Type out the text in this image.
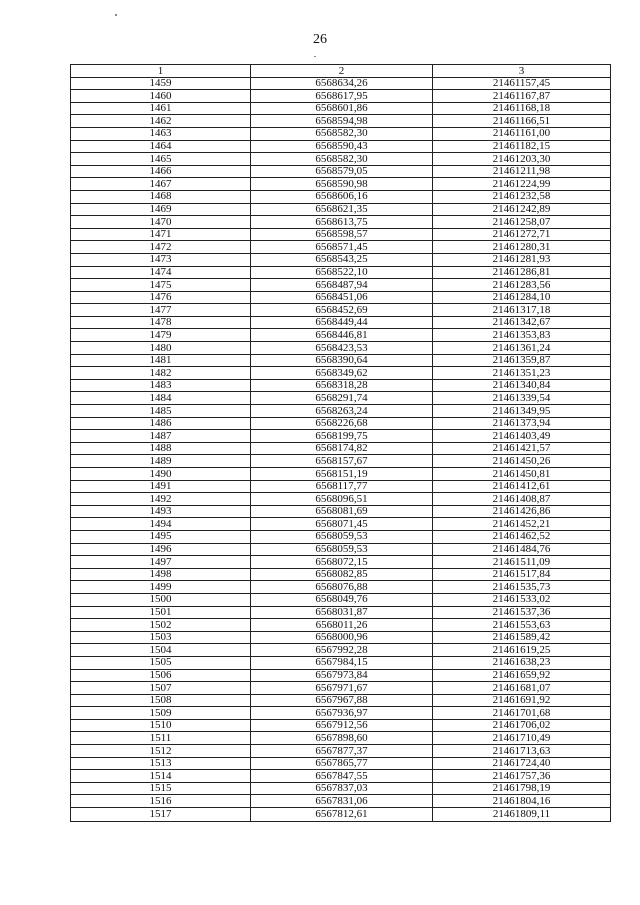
26
1	2	3
1459	6568634,26	21461157,45
1460	6568617,95	21461167,87
1461	6568601,86	21461168,18
1462	6568594,98	21461166,51
1463	6568582,30	21461161,00
1464	6568590,43	21461182,15
1465	6568582,30	21461203,30
1466	6568579,05	21461211,98
1467	6568590,98	21461224,99
1468	6568606,16	21461232,58
1469	6568621,35	21461242,89
1470	6568613,75	21461258,07
1471	6568598,57	21461272,71
1472	6568571,45	21461280,31
1473	6568543,25	21461281,93
1474	6568522,10	21461286,81
1475	6568487,94	21461283,56
1476	6568451,06	21461284,10
1477	6568452,69	21461317,18
1478	6568449,44	21461342,67
1479	6568446,81	21461353,83
1480	6568423,53	21461361,24
1481	6568390,64	21461359,87
1482	6568349,62	21461351,23
1483	6568318,28	21461340,84
1484	6568291,74	21461339,54
1485	6568263,24	21461349,95
1486	6568226,68	21461373,94
1487	6568199,75	21461403,49
1488	6568174,82	21461421,57
1489	6568157,67	21461450,26
1490	6568151,19	21461450,81
1491	6568117,77	21461412,61
1492	6568096,51	21461408,87
1493	6568081,69	21461426,86
1494	6568071,45	21461452,21
1495	6568059,53	21461462,52
1496	6568059,53	21461484,76
1497	6568072,15	21461511,09
1498	6568082,85	21461517,84
1499	6568076,88	21461535,73
1500	6568049,76	21461533,02
1501	6568031,87	21461537,36
1502	6568011,26	21461553,63
1503	6568000,96	21461589,42
1504	6567992,28	21461619,25
1505	6567984,15	21461638,23
1506	6567973,84	21461659,92
1507	6567971,67	21461681,07
1508	6567967,88	21461691,92
1509	6567936,97	21461701,68
1510	6567912,56	21461706,02
1511	6567898,60	21461710,49
1512	6567877,37	21461713,63
1513	6567865,77	21461724,40
1514	6567847,55	21461757,36
1515	6567837,03	21461798,19
1516	6567831,06	21461804,16
1517	6567812,61	21461809,11
